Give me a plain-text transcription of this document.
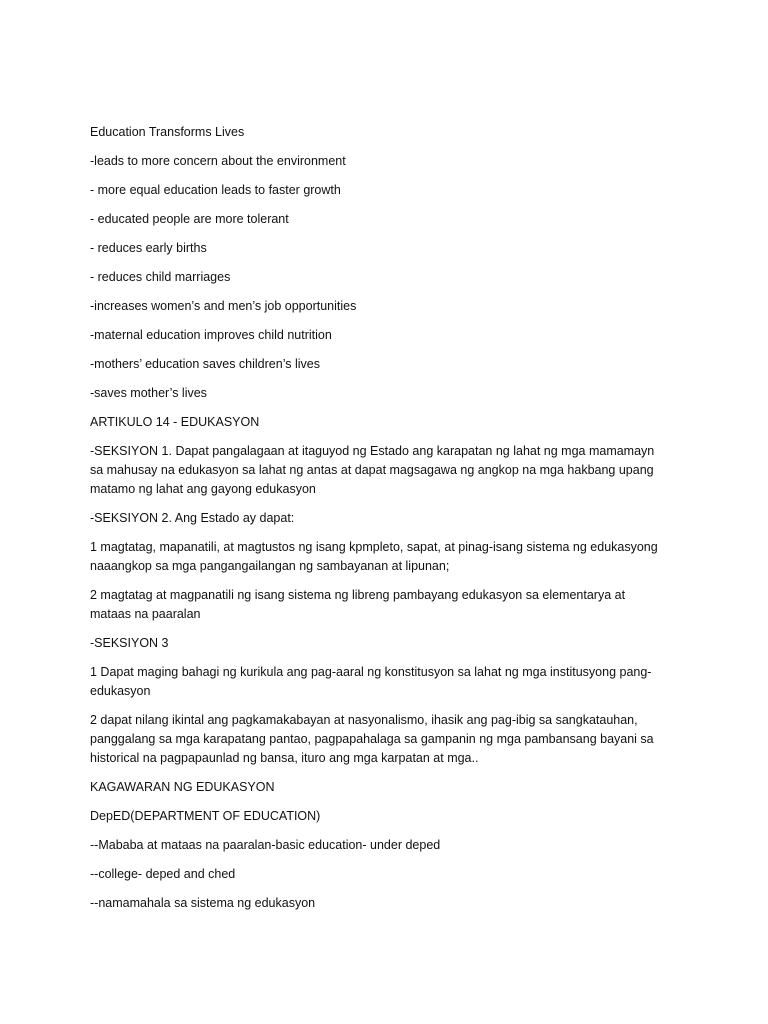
Education Transforms Lives

-leads to more concern about the environment

- more equal education leads to faster growth

- educated people are more tolerant

- reduces early births

- reduces child marriages

-increases women’s and men’s job opportunities

-maternal education improves child nutrition

-mothers’ education saves children’s lives

-saves mother’s lives

ARTIKULO 14 - EDUKASYON

-SEKSIYON 1. Dapat pangalagaan at itaguyod ng Estado ang karapatan ng lahat ng mga mamamayn sa mahusay na edukasyon sa lahat ng antas at dapat magsagawa ng angkop na mga hakbang upang matamo ng lahat ang gayong edukasyon

-SEKSIYON 2. Ang Estado ay dapat:

1 magtatag, mapanatili, at magtustos ng isang kpmpleto, sapat, at pinag-isang sistema ng edukasyong naaangkop sa mga pangangailangan ng sambayanan at lipunan;

2 magtatag at magpanatili ng isang sistema ng libreng pambayang edukasyon sa elementarya at mataas na paaralan

-SEKSIYON 3

1 Dapat maging bahagi ng kurikula ang pag-aaral ng konstitusyon sa lahat ng mga institusyong pang-edukasyon

2 dapat nilang ikintal ang pagkamakabayan at nasyonalismo, ihasik ang pag-ibig sa sangkatauhan, panggalang sa mga karapatang pantao, pagpapahalaga sa gampanin ng mga pambansang bayani sa historical na pagpapaunlad ng bansa, ituro ang mga karpatan at mga..

KAGAWARAN NG EDUKASYON

DepED(DEPARTMENT OF EDUCATION)

--Mababa at mataas na paaralan-basic education- under deped

--college- deped and ched

--namamahala sa sistema ng edukasyon
